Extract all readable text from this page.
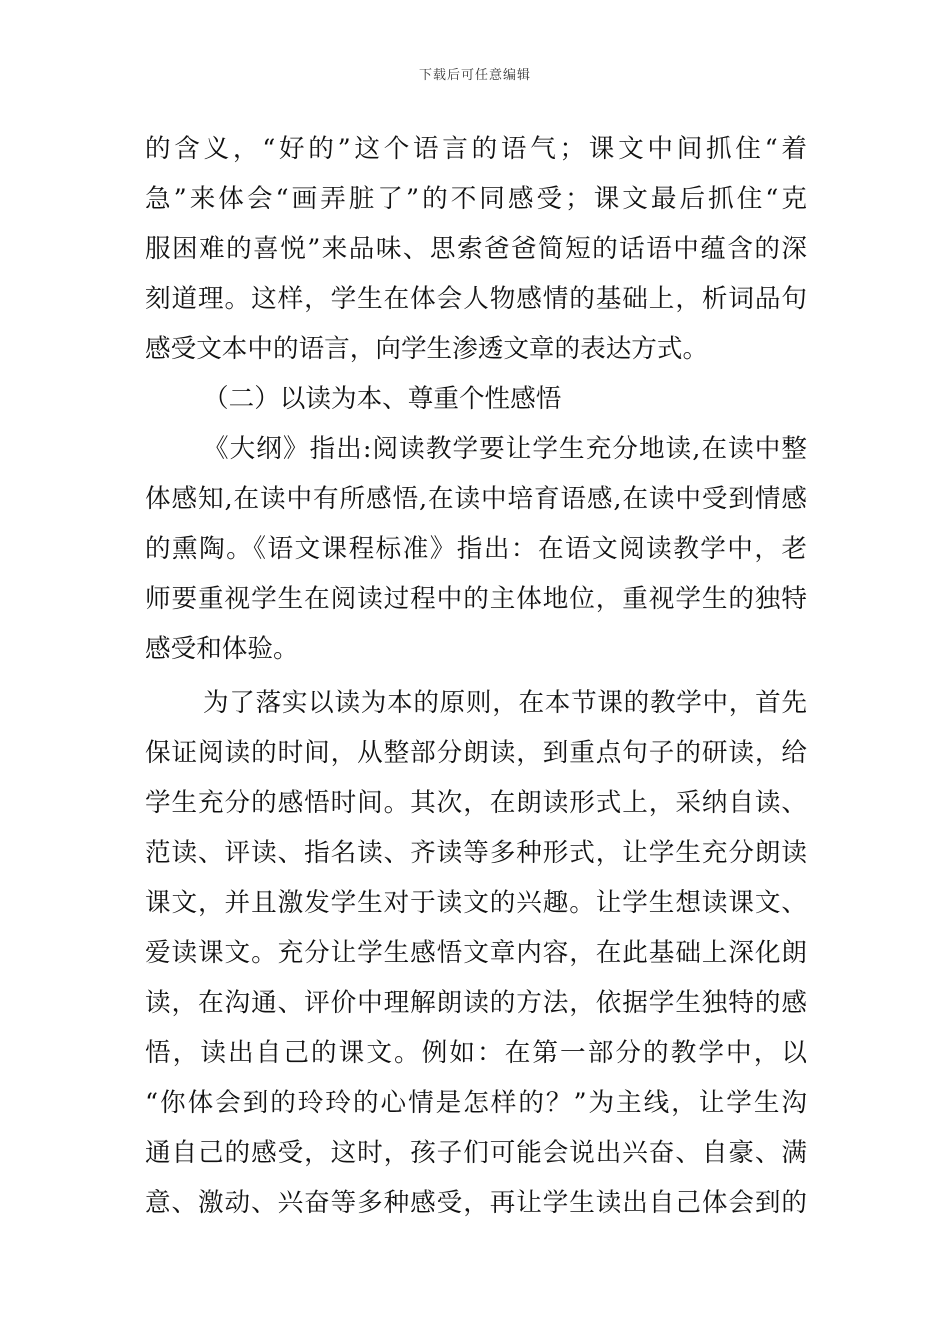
下载后可任意编辑
的含义，“好的”这个语言的语气；课文中间抓住“着
急”来体会“画弄脏了”的不同感受；课文最后抓住“克
服困难的喜悦”来品味、思索爸爸简短的话语中蕴含的深
刻道理。这样，学生在体会人物感情的基础上，析词品句
感受文本中的语言，向学生渗透文章的表达方式。
（二）以读为本、尊重个性感悟
《大纲》指出:阅读教学要让学生充分地读,在读中整
体感知,在读中有所感悟,在读中培育语感,在读中受到情感
的熏陶。《语文课程标准》指出：在语文阅读教学中，老
师要重视学生在阅读过程中的主体地位，重视学生的独特
感受和体验。
为了落实以读为本的原则，在本节课的教学中，首先
保证阅读的时间，从整部分朗读，到重点句子的研读，给
学生充分的感悟时间。其次，在朗读形式上，采纳自读、
范读、评读、指名读、齐读等多种形式，让学生充分朗读
课文，并且激发学生对于读文的兴趣。让学生想读课文、
爱读课文。充分让学生感悟文章内容，在此基础上深化朗
读，在沟通、评价中理解朗读的方法，依据学生独特的感
悟，读出自己的课文。例如：在第一部分的教学中，以
“你体会到的玲玲的心情是怎样的？”为主线，让学生沟
通自己的感受，这时，孩子们可能会说出兴奋、自豪、满
意、激动、兴奋等多种感受，再让学生读出自己体会到的
